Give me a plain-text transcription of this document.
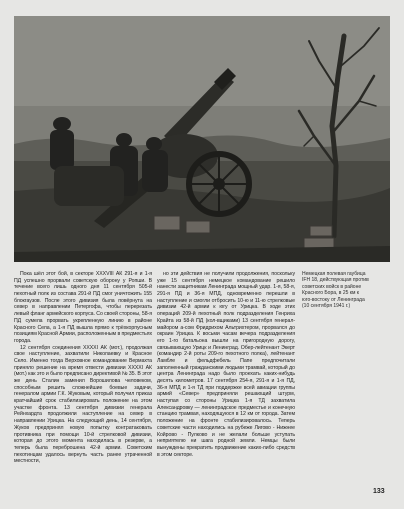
Пока шёл этот бой, в секторе XXXVIII АК 291-я и 1-я ПД успешно прорвали советскую оборону у Ропши. В течение всего лишь одного дня 11 сентября 505-й пехотный полк из состава 291-й ПД смог уничтожить 155 блокгаузов. После этого дивизия была повёрнута на север в направлении Петергофа, чтобы перерезать левый фланг армейского корпуса. Со своей стороны, 58-я ПД сумела прорвать укрепленную линию в районе Красного Села, а 1-я ПД вышла прямо к трёхкорпусным позициям Красной Армии, расположенным в предместьях города.

12 сентября соединения XXXXI АК (мот.), продолжая свое наступление, захватили Николаевку и Красное Село. Именно тогда Верховное командование Вермахта приняло решение на время отвести дивизии XXXXI АК (мот.) как это и было предписано директивой № 35. В этот же день Сталин заменил Ворошилова человеком, способным решить сложнейшие боевые задачи, генералом армии Г.К. Жуковым, который получил приказ кратчайший срок стабилизировать положение на этом участке фронта. 13 сентября дивизии генерала Рейнхардта продолжили наступление на север в направлении Урицка. На следующий день, 14 сентября, Жуков предпринял новую попытку контратаковать противника при помощи 10-й стрелковой дивизии, которая до этого момента находилась в резерве, а теперь была переброшена 42-й армии. Советским пехотинцам удалось вернуть часть ранее утраченной местности,

но эти действия не получили продолжения, поскольку уже 15 сентября немецкое командование решило нанести защитникам Ленинграда мощный удар. 1-я, 58-я, 291-я ПД и 36-я МПД, одновременно перешли в наступление и смогли отбросить 10-ю и 11-ю стрелковые дивизии 42-й армии к югу от Урицка. В ходе этих операций 209-й пехотный полк подразделения Генриха Крайта из 58-й ПД (кол-вщиками) 13 сентября генерал-майором а-сом Фридрихом Альтрихтером, прорвался до окраин Урицка. К восьми часам вечера подразделения его 1-го батальона вышли на пригородную дорогу, связывающую Урицк и Ленинград. Обер-лейтенант Экерт (командир 2-й роты 209-го пехотного полка), лейтенант Ламбле и фельдфебель Папе предпочитали заполненный гражданскими людьми трамвай, который до центра Ленинграда надо было проехать каких-нибудь десять километров. 17 сентября 254-я, 291-я и 1-я ПД, 36-я МПД и 1-я ТД при поддержке всей авиации группы армий «Север» предприняли решающий штурм, наступая со стороны Урицка 1-я ТД захватила Александровку — ленинградское предместье и конечную станцию трамвая, находящуюся в 12 км от города. Затем положение на фронте стабилизировалось. Теперь советские части находились на рубеже Лигово - Нижнее Койрово - Пулково и не желали больше уступать неприятелю ни шага родной земли. Немцы были вынуждены прекратить продвижение каких-либо средств в этом секторе.

Немецкая полевая гаубица
IFH 18, действующая против
советских войск в районе
Красного Бора, в 25 км к
юго-востоку от Ленинграда
(10 сентября 1941 г.)
133
